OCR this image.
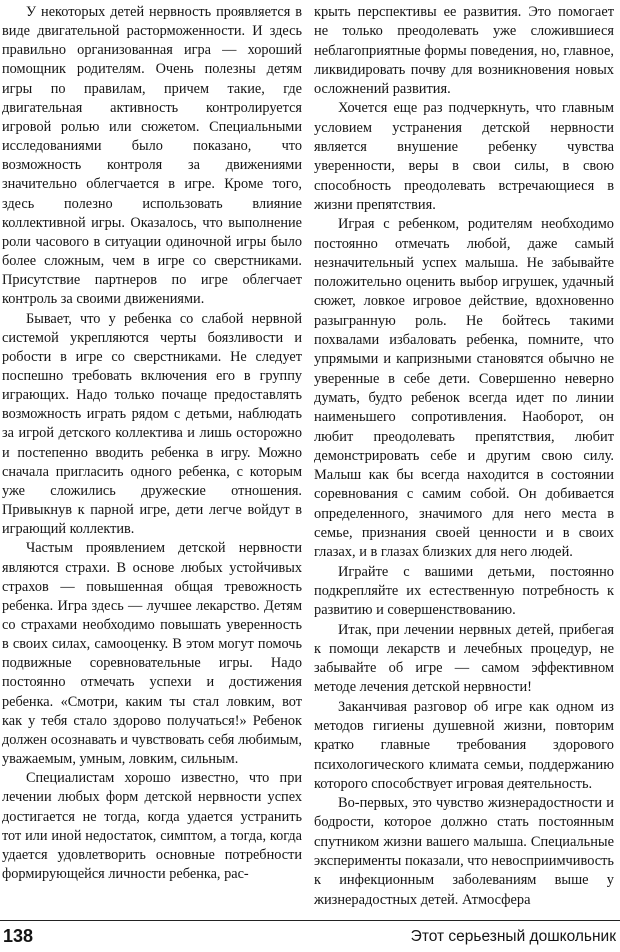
У некоторых детей нервность проявляется в виде двигательной расторможенности. И здесь правильно организованная игра — хороший помощник родителям. Очень полезны детям игры по правилам, причем такие, где двигательная активность контролируется игровой ролью или сюжетом. Специальными исследованиями было показано, что возможность контроля за движениями значительно облегчается в игре. Кроме того, здесь полезно использовать влияние коллективной игры. Оказалось, что выполнение роли часового в ситуации одиночной игры было более сложным, чем в игре со сверстниками. Присутствие партнеров по игре облегчает контроль за своими движениями.

Бывает, что у ребенка со слабой нервной системой укрепляются черты боязливости и робости в игре со сверстниками. Не следует поспешно требовать включения его в группу играющих. Надо только почаще предоставлять возможность играть рядом с детьми, наблюдать за игрой детского коллектива и лишь осторожно и постепенно вводить ребенка в игру. Можно сначала пригласить одного ребенка, с которым уже сложились дружеские отношения. Привыкнув к парной игре, дети легче войдут в играющий коллектив.

Частым проявлением детской нервности являются страхи. В основе любых устойчивых страхов — повышенная общая тревожность ребенка. Игра здесь — лучшее лекарство. Детям со страхами необходимо повышать уверенность в своих силах, самооценку. В этом могут помочь подвижные соревновательные игры. Надо постоянно отмечать успехи и достижения ребенка. «Смотри, каким ты стал ловким, вот как у тебя стало здорово получаться!» Ребенок должен осознавать и чувствовать себя любимым, уважаемым, умным, ловким, сильным.

Специалистам хорошо известно, что при лечении любых форм детской нервности успех достигается не тогда, когда удается устранить тот или иной недостаток, симптом, а тогда, когда удается удовлетворить основные потребности формирующейся личности ребенка, рас-

крыть перспективы ее развития. Это помогает не только преодолевать уже сложившиеся неблагоприятные формы поведения, но, главное, ликвидировать почву для возникновения новых осложнений развития.

Хочется еще раз подчеркнуть, что главным условием устранения детской нервности является внушение ребенку чувства уверенности, веры в свои силы, в свою способность преодолевать встречающиеся в жизни препятствия.

Играя с ребенком, родителям необходимо постоянно отмечать любой, даже самый незначительный успех малыша. Не забывайте положительно оценить выбор игрушек, удачный сюжет, ловкое игровое действие, вдохновенно разыгранную роль. Не бойтесь такими похвалами избаловать ребенка, помните, что упрямыми и капризными становятся обычно не уверенные в себе дети. Совершенно неверно думать, будто ребенок всегда идет по линии наименьшего сопротивления. Наоборот, он любит преодолевать препятствия, любит демонстрировать себе и другим свою силу. Малыш как бы всегда находится в состоянии соревнования с самим собой. Он добивается определенного, значимого для него места в семье, признания своей ценности и в своих глазах, и в глазах близких для него людей.

Играйте с вашими детьми, постоянно подкрепляйте их естественную потребность к развитию и совершенствованию.

Итак, при лечении нервных детей, прибегая к помощи лекарств и лечебных процедур, не забывайте об игре — самом эффективном методе лечения детской нервности!

Заканчивая разговор об игре как одном из методов гигиены душевной жизни, повторим кратко главные требования здорового психологического климата семьи, поддержанию которого способствует игровая деятельность.

Во-первых, это чувство жизнерадостности и бодрости, которое должно стать постоянным спутником жизни вашего малыша. Специальные эксперименты показали, что невосприимчивость к инфекционным заболеваниям выше у жизнерадостных детей. Атмосфера

138	Этот серьезный дошкольник
